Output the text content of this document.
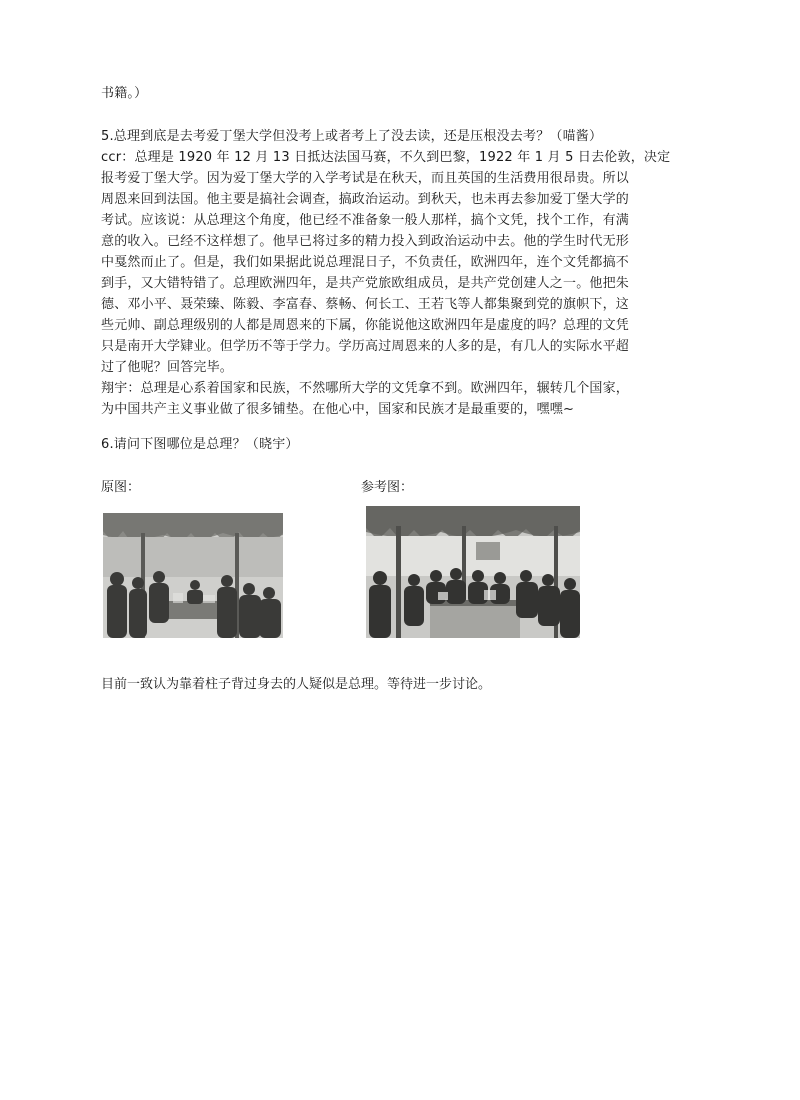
书籍。）

5.总理到底是去考爱丁堡大学但没考上或者考上了没去读，还是压根没去考？（喵酱）

ccr：总理是 1920 年 12 月 13 日抵达法国马赛，不久到巴黎，1922 年 1 月 5 日去伦敦，决定
报考爱丁堡大学。因为爱丁堡大学的入学考试是在秋天，而且英国的生活费用很昂贵。所以
周恩来回到法国。他主要是搞社会调查，搞政治运动。到秋天，也未再去参加爱丁堡大学的
考试。应该说：从总理这个角度，他已经不准备象一般人那样，搞个文凭，找个工作，有满
意的收入。已经不这样想了。他早已将过多的精力投入到政治运动中去。他的学生时代无形
中戛然而止了。但是，我们如果据此说总理混日子，不负责任，欧洲四年，连个文凭都搞不
到手，又大错特错了。总理欧洲四年，是共产党旅欧组成员，是共产党创建人之一。他把朱
德、邓小平、聂荣臻、陈毅、李富春、蔡畅、何长工、王若飞等人都集聚到党的旗帜下，这
些元帅、副总理级别的人都是周恩来的下属，你能说他这欧洲四年是虚度的吗？总理的文凭
只是南开大学肄业。但学历不等于学力。学历高过周恩来的人多的是，有几人的实际水平超
过了他呢？回答完毕。
翔宇：总理是心系着国家和民族，不然哪所大学的文凭拿不到。欧洲四年，辗转几个国家，
为中国共产主义事业做了很多铺垫。在他心中，国家和民族才是最重要的，嘿嘿~

6.请问下图哪位是总理？（晓宇）

原图：	参考图：
目前一致认为靠着柱子背过身去的人疑似是总理。等待进一步讨论。
